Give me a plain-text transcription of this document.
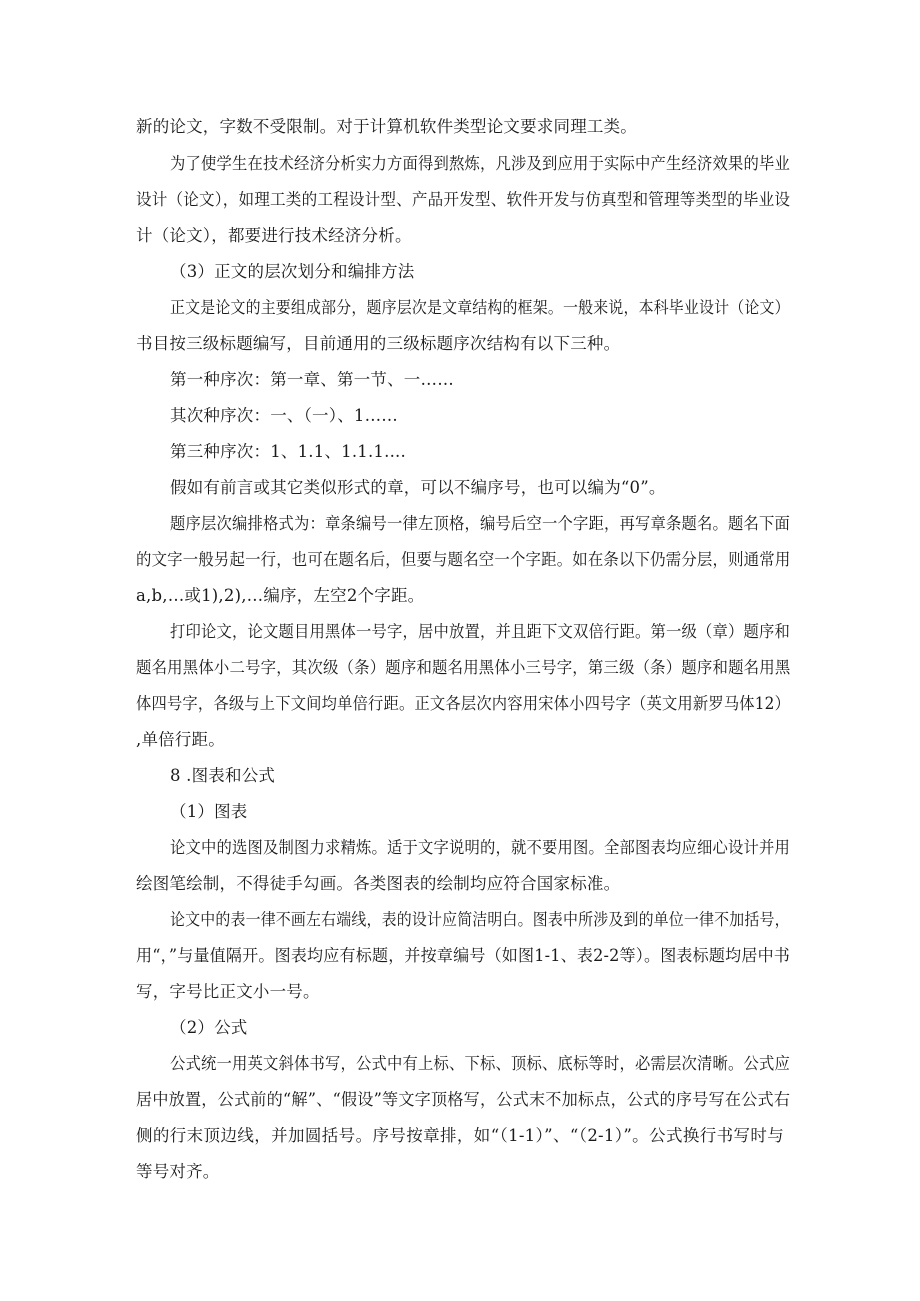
新的论文，字数不受限制。对于计算机软件类型论文要求同理工类。
为了使学生在技术经济分析实力方面得到熬炼，凡涉及到应用于实际中产生经济效果的毕业
设计（论文），如理工类的工程设计型、产品开发型、软件开发与仿真型和管理等类型的毕业设
计（论文），都要进行技术经济分析。
（3）正文的层次划分和编排方法
正文是论文的主要组成部分，题序层次是文章结构的框架。一般来说，本科毕业设计（论文）
书目按三级标题编写，目前通用的三级标题序次结构有以下三种。
第一种序次：第一章、第一节、一……
其次种序次：一、（一）、1……
第三种序次：1、1.1、1.1.1....
假如有前言或其它类似形式的章，可以不编序号，也可以编为“0”。
题序层次编排格式为：章条编号一律左顶格，编号后空一个字距，再写章条题名。题名下面
的文字一般另起一行，也可在题名后，但要与题名空一个字距。如在条以下仍需分层，则通常用
a,b,…或1),2),…编序，左空2个字距。
打印论文，论文题目用黑体一号字，居中放置，并且距下文双倍行距。第一级（章）题序和
题名用黑体小二号字，其次级（条）题序和题名用黑体小三号字，第三级（条）题序和题名用黑
体四号字，各级与上下文间均单倍行距。正文各层次内容用宋体小四号字（英文用新罗马体12）
,单倍行距。
8 .图表和公式
（1）图表
论文中的选图及制图力求精炼。适于文字说明的，就不要用图。全部图表均应细心设计并用
绘图笔绘制，不得徒手勾画。各类图表的绘制均应符合国家标准。
论文中的表一律不画左右端线，表的设计应简洁明白。图表中所涉及到的单位一律不加括号，
用“，”与量值隔开。图表均应有标题，并按章编号（如图1-1、表2-2等）。图表标题均居中书
写，字号比正文小一号。
（2）公式
公式统一用英文斜体书写，公式中有上标、下标、顶标、底标等时，必需层次清晰。公式应
居中放置，公式前的“解”、“假设”等文字顶格写，公式末不加标点，公式的序号写在公式右
侧的行末顶边线，并加圆括号。序号按章排，如“（1-1）”、“（2-1）”。公式换行书写时与
等号对齐。
